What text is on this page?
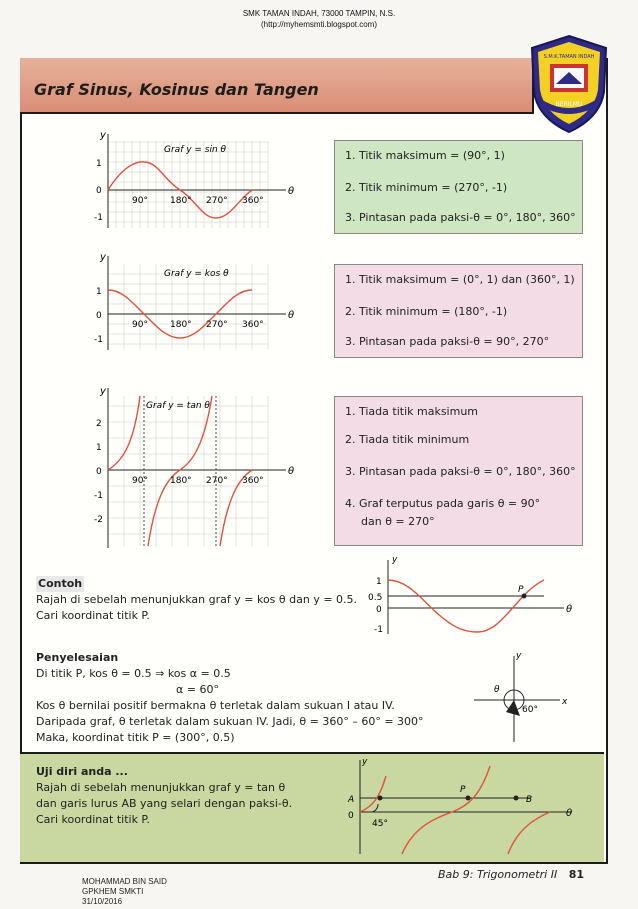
SMK TAMAN INDAH, 73000 TAMPIN, N.S.
(http://myhemsmti.blogspot.com)
Graf Sinus, Kosinus dan Tangen
BERILMU
S.M.K.TAMAN INDAH
y
θ
Graf y = sin θ
1
0
-1
90° 180° 270° 360°
1. Titik maksimum = (90°, 1)
2. Titik minimum = (270°, -1)
3. Pintasan pada paksi-θ = 0°, 180°, 360°
y
θ
Graf y = kos θ
1
0
-1
90° 180° 270° 360°
1. Titik maksimum = (0°, 1) dan (360°, 1)
2. Titik minimum = (180°, -1)
3. Pintasan pada paksi-θ = 90°, 270°
y
θ
Graf y = tan θ
2
1
0
-1
-2
90° 180° 270° 360°
1. Tiada titik maksimum
2. Tiada titik minimum
3. Pintasan pada paksi-θ = 0°, 180°, 360°
4. Graf terputus pada garis θ = 90°
dan θ = 270°
Contoh
Rajah di sebelah menunjukkan graf y = kos θ dan y = 0.5.
Cari koordinat titik P.
y
θ
P
1
0.5
0
-1
Penyelesaian
Di titik P, kos θ = 0.5 ⇒ kos α = 0.5
α = 60°
Kos θ bernilai positif bermakna θ terletak dalam sukuan I atau IV.
Daripada graf, θ terletak dalam sukuan IV. Jadi, θ = 360° – 60° = 300°
Maka, koordinat titik P = (300°, 0.5)
y
x
θ
60°
Uji diri anda ...
Rajah di sebelah menunjukkan graf y = tan θ
dan garis lurus AB yang selari dengan paksi-θ.
Cari koordinat titik P.
y
θ
A	B
P
0
45°
Bab 9: Trigonometri II 81
MOHAMMAD BIN SAID
GPKHEM SMKTI
31/10/2016
